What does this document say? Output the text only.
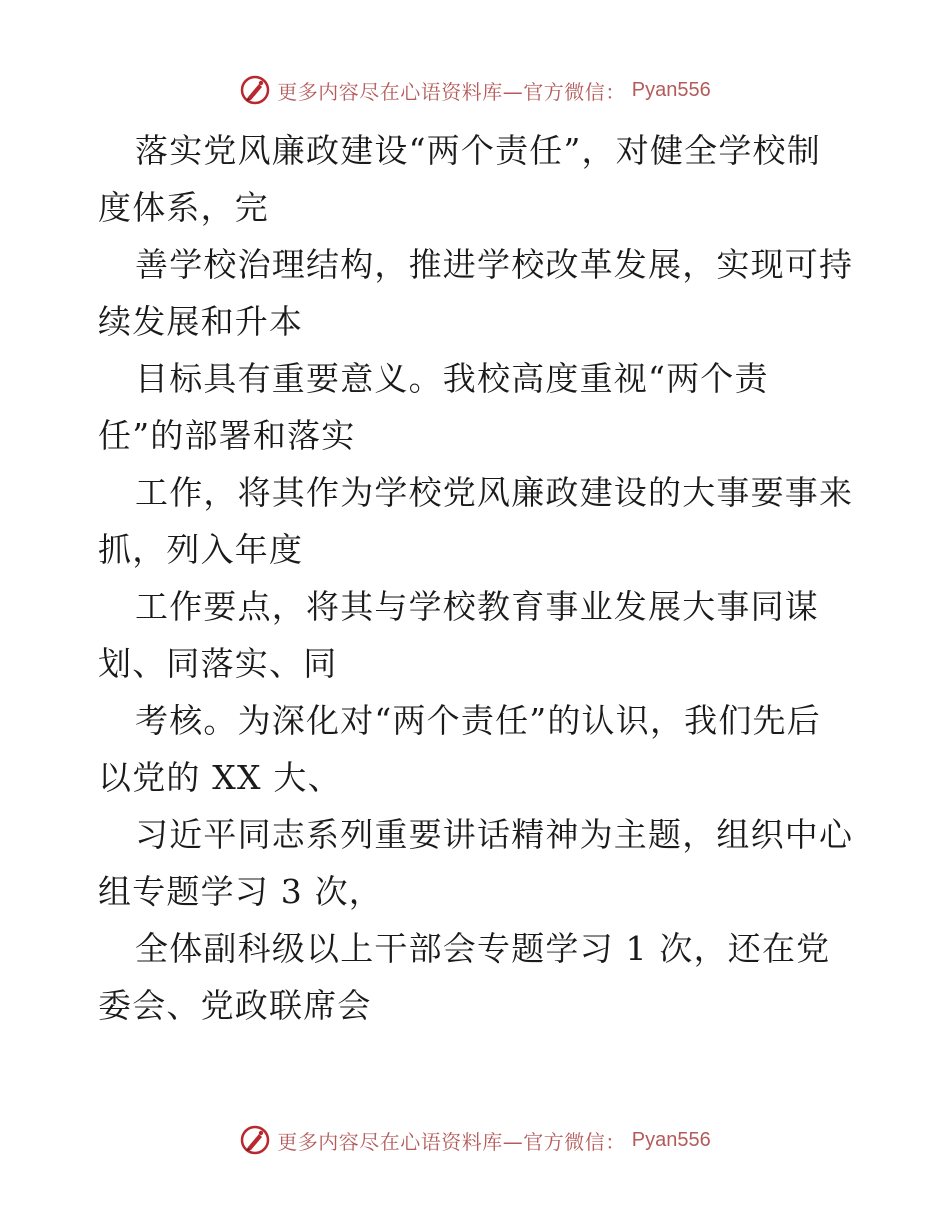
更多内容尽在心语资料库—官方微信： Pyan556

落实党风廉政建设“两个责任”，对健全学校制
度体系，完

善学校治理结构，推进学校改革发展，实现可持
续发展和升本

目标具有重要意义。我校高度重视“两个责
任”的部署和落实

工作，将其作为学校党风廉政建设的大事要事来
抓，列入年度

工作要点，将其与学校教育事业发展大事同谋
划、同落实、同

考核。为深化对“两个责任”的认识，我们先后
以党的 XX 大、

习近平同志系列重要讲话精神为主题，组织中心
组专题学习 3 次，

全体副科级以上干部会专题学习 1 次，还在党
委会、党政联席会

更多内容尽在心语资料库—官方微信： Pyan556
